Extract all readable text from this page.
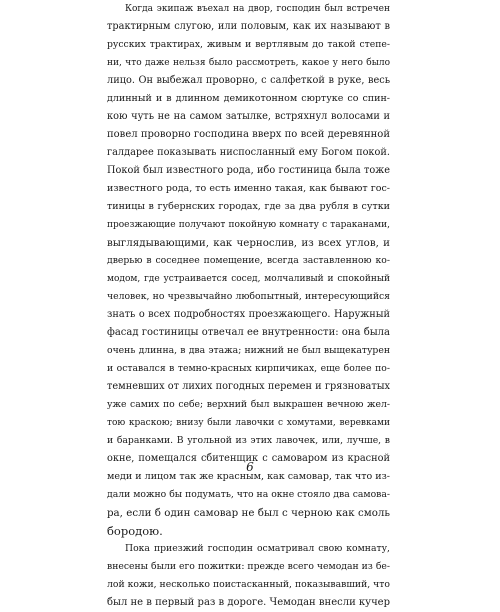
Когда экипаж въехал на двор, господин был встречен
трактирным слугою, или половым, как их называют в
русских трактирах, живым и вертлявым до такой степе-
ни, что даже нельзя было рассмотреть, какое у него было
лицо. Он выбежал проворно, с салфеткой в руке, весь
длинный и в длинном демикотонном сюртуке со спин-
кою чуть не на самом затылке, встряхнул волосами и
повел проворно господина вверх по всей деревянной
галдарее показывать ниспосланный ему Богом покой.
Покой был известного рода, ибо гостиница была тоже
известного рода, то есть именно такая, как бывают гос-
тиницы в губернских городах, где за два рубля в сутки
проезжающие получают покойную комнату с тараканами,
выглядывающими, как чернослив, из всех углов, и
дверью в соседнее помещение, всегда заставленною ко-
модом, где устраивается сосед, молчаливый и спокойный
человек, но чрезвычайно любопытный, интересующийся
знать о всех подробностях проезжающего. Наружный
фасад гостиницы отвечал ее внутренности: она была
очень длинна, в два этажа; нижний не был выщекатурен
и оставался в темно-красных кирпичиках, еще более по-
темневших от лихих погодных перемен и грязноватых
уже самих по себе; верхний был выкрашен вечною жел-
тою краскою; внизу были лавочки с хомутами, веревками
и баранками. В угольной из этих лавочек, или, лучше, в
окне, помещался сбитенщик с самоваром из красной
меди и лицом так же красным, как самовар, так что из-
дали можно бы подумать, что на окне стояло два самова-
ра, если б один самовар не был с черною как смоль
бородою.
Пока приезжий господин осматривал свою комнату,
внесены были его пожитки: прежде всего чемодан из бе-
лой кожи, несколько поистасканный, показывавший, что
был не в первый раз в дороге. Чемодан внесли кучер
6
